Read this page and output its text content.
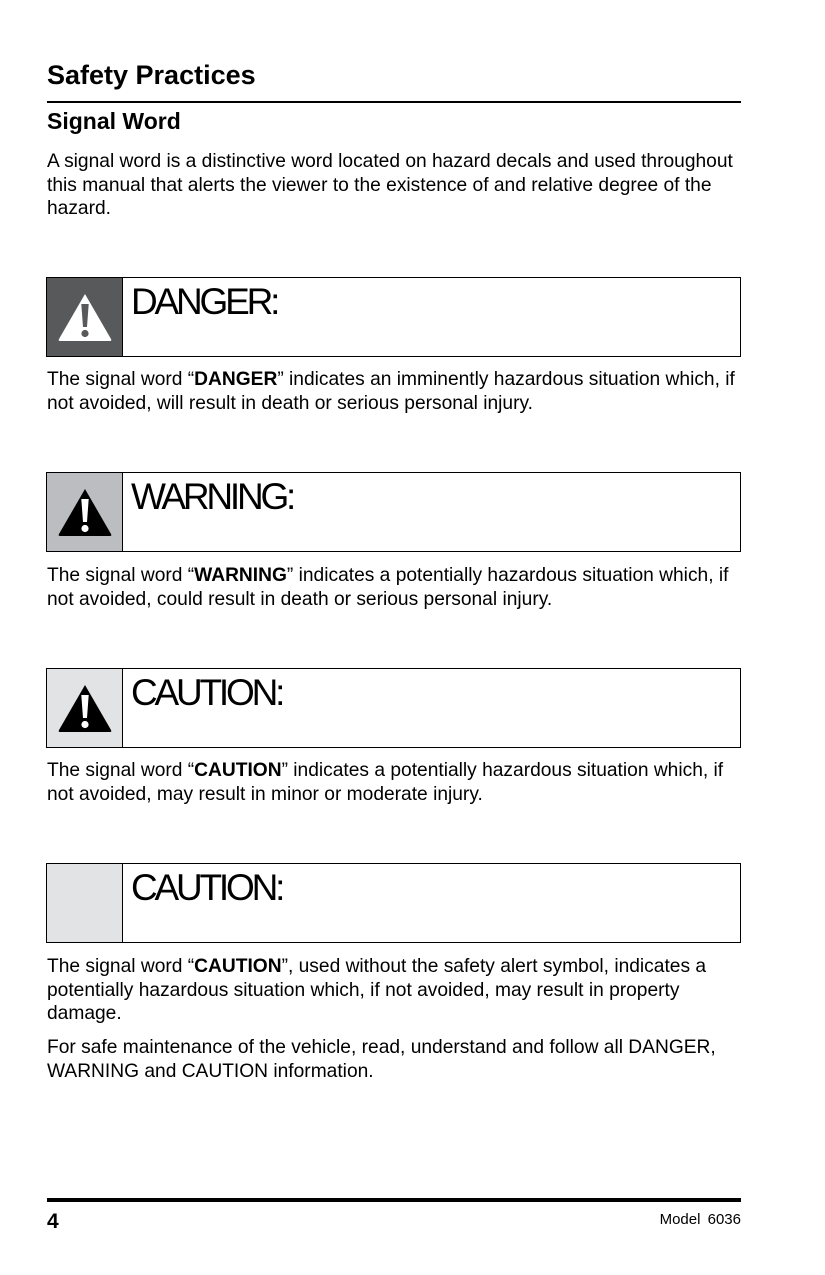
Safety Practices
Signal Word

A signal word is a distinctive word located on hazard decals and used throughout this manual that alerts the viewer to the existence of and relative degree of the hazard.

DANGER:

The signal word “DANGER” indicates an imminently hazardous situation which, if not avoided, will result in death or serious personal injury.

WARNING:

The signal word “WARNING” indicates a potentially hazardous situation which, if not avoided, could result in death or serious personal injury.

CAUTION:

The signal word “CAUTION” indicates a potentially hazardous situation which, if not avoided, may result in minor or moderate injury.

CAUTION:

The signal word “CAUTION”, used without the safety alert symbol, indicates a potentially hazardous situation which, if not avoided, may result in property damage.

For safe maintenance of the vehicle, read, understand and follow all DANGER, WARNING and CAUTION information.

4	Model 6036
